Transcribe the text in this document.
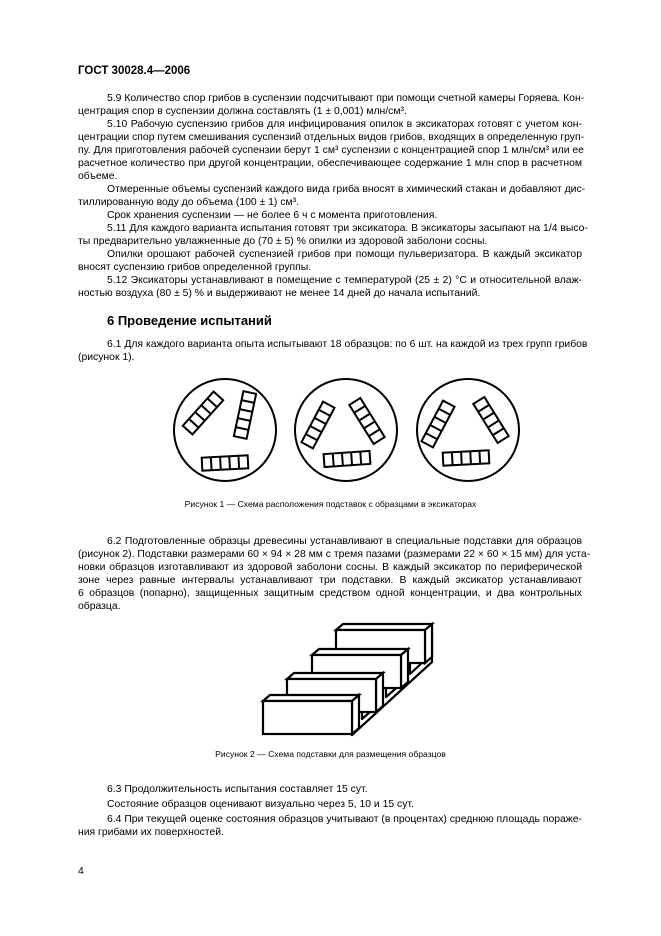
ГОСТ 30028.4—2006
5.9 Количество спор грибов в суспензии подсчитывают при помощи счетной камеры Горяева. Кон-
центрация спор в суспензии должна составлять (1 ± 0,001) млн/см³.
5.10 Рабочую суспензию грибов для инфицирования опилок в эксикаторах готовят с учетом кон-
центрации спор путем смешивания суспензий отдельных видов грибов, входящих в определенную груп-
пу. Для приготовления рабочей суспензии берут 1 см³ суспензии с концентрацией спор 1 млн/см³ или ее
расчетное количество при другой концентрации, обеспечивающее содержание 1 млн спор в расчетном
объеме.
Отмеренные объемы суспензий каждого вида гриба вносят в химический стакан и добавляют дис-
тиллированную воду до объема (100 ± 1) см³.
Срок хранения суспензии — не более 6 ч с момента приготовления.
5.11 Для каждого варианта испытания готовят три эксикатора. В эксикаторы засыпают на 1/4 высо-
ты предварительно увлажненные до (70 ± 5) % опилки из здоровой заболони сосны.
Опилки орошают рабочей суспензией грибов при помощи пульверизатора. В каждый эксикатор
вносят суспензию грибов определенной группы.
5.12 Эксикаторы устанавливают в помещение с температурой (25 ± 2) °С и относительной влаж-
ностью воздуха (80 ± 5) % и выдерживают не менее 14 дней до начала испытаний.
6 Проведение испытаний
6.1 Для каждого варианта опыта испытывают 18 образцов: по 6 шт. на каждой из трех групп грибов
(рисунок 1).
Рисунок 1 — Схема расположения подставок с образцами в эксикаторах
6.2 Подготовленные образцы древесины устанавливают в специальные подставки для образцов
(рисунок 2). Подставки размерами 60 × 94 × 28 мм с тремя пазами (размерами 22 × 60 × 15 мм) для уста-
новки образцов изготавливают из здоровой заболони сосны. В каждый эксикатор по периферической
зоне через равные интервалы устанавливают три подставки. В каждый эксикатор устанавливают
6 образцов (попарно), защищенных защитным средством одной концентрации, и два контрольных
образца.
Рисунок 2 — Схема подставки для размещения образцов
6.3 Продолжительность испытания составляет 15 сут.
Состояние образцов оценивают визуально через 5, 10 и 15 сут.
6.4 При текущей оценке состояния образцов учитывают (в процентах) среднюю площадь пораже-
ния грибами их поверхностей.
4
